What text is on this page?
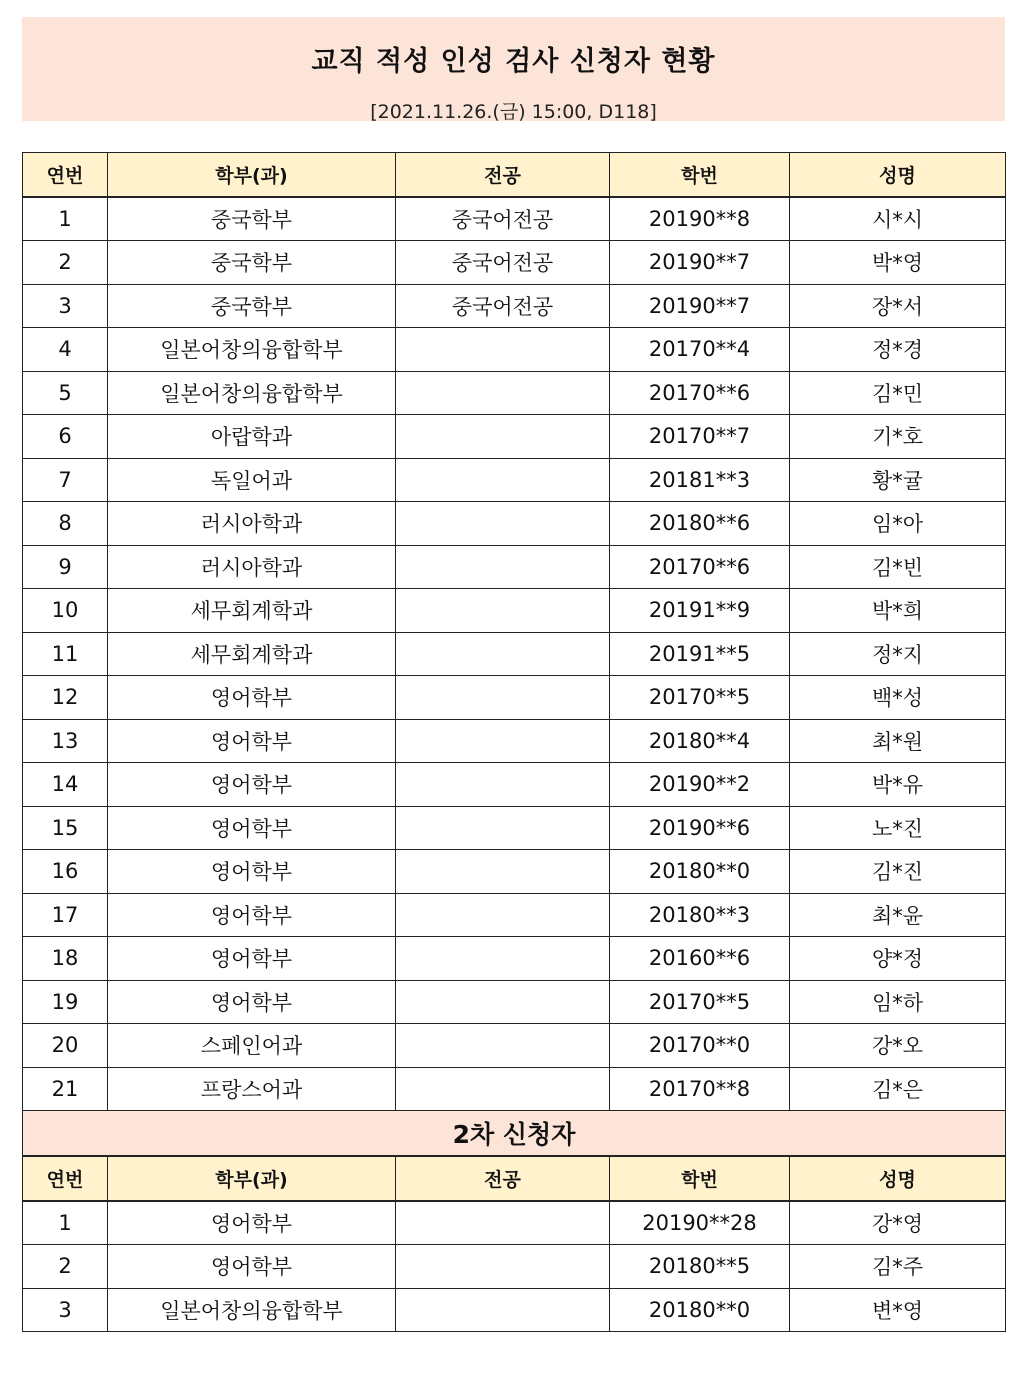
교직 적성 인성 검사 신청자 현황
[2021.11.26.(금) 15:00, D118]
연번	학부(과)	전공	학번	성명
1	중국학부	중국어전공	20190**8	시*시
2	중국학부	중국어전공	20190**7	박*영
3	중국학부	중국어전공	20190**7	장*서
4	일본어창의융합학부		20170**4	정*경
5	일본어창의융합학부		20170**6	김*민
6	아랍학과		20170**7	기*호
7	독일어과		20181**3	황*귤
8	러시아학과		20180**6	임*아
9	러시아학과		20170**6	김*빈
10	세무회계학과		20191**9	박*희
11	세무회계학과		20191**5	정*지
12	영어학부		20170**5	백*성
13	영어학부		20180**4	최*원
14	영어학부		20190**2	박*유
15	영어학부		20190**6	노*진
16	영어학부		20180**0	김*진
17	영어학부		20180**3	최*윤
18	영어학부		20160**6	양*정
19	영어학부		20170**5	임*하
20	스페인어과		20170**0	강*오
21	프랑스어과		20170**8	김*은
2차 신청자				
연번	학부(과)	전공	학번	성명
1	영어학부		20190**28	강*영
2	영어학부		20180**5	김*주
3	일본어창의융합학부		20180**0	변*영
